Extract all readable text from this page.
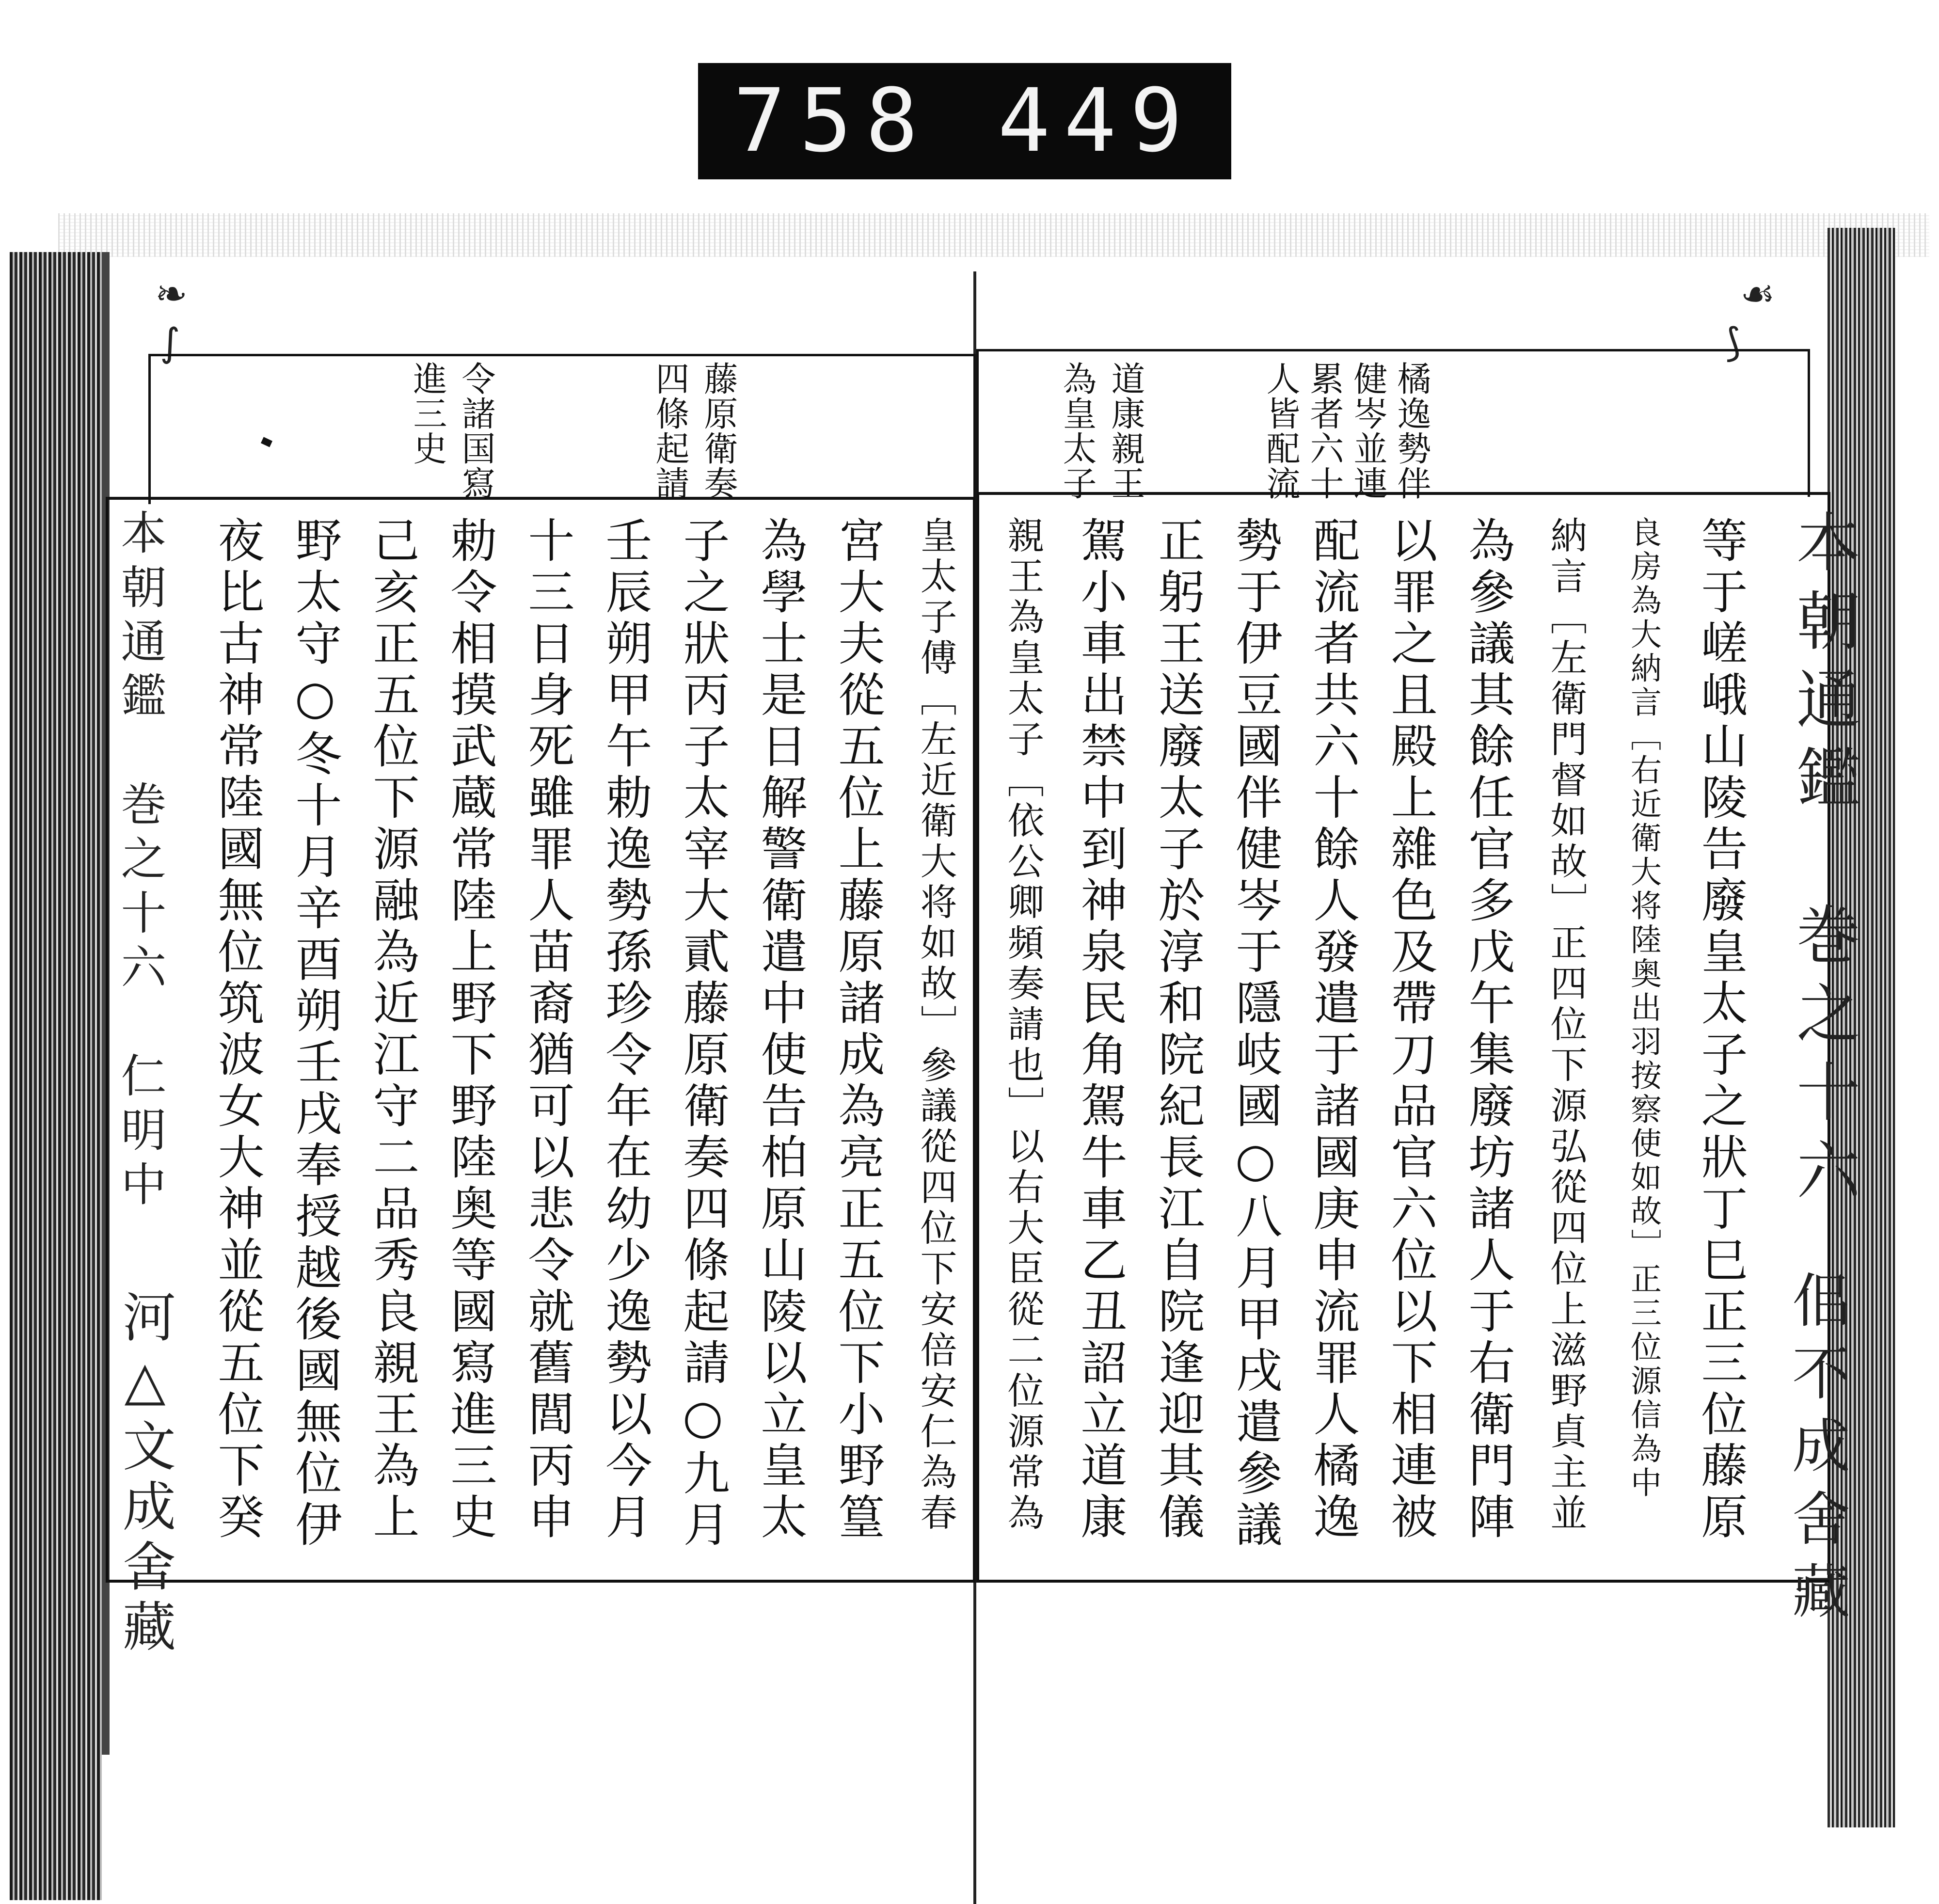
758 449
❧
∫
☙
⟆
橘逸勢伴
健岑並連
累者六十
人皆配流
道康親王
為皇太子
藤原衛奏
四條起請
令諸国寫
進三史
本朝通鑑　巻之十六
佀不成舍藏
本朝通鑑　巻之十六　仁明中
河△文成舍藏	等于嵯峨山陵告廢皇太子之狀丁巳正三位藤原
良房為大納言［右近衛大将陸奥出羽按察使如故］正三位源信為中
納言［左衛門督如故］正四位下源弘從四位上滋野貞主並
為參議其餘任官多戊午集廢坊諸人于右衛門陣
以罪之且殿上雜色及帶刀品官六位以下相連被
配流者共六十餘人發遣于諸國庚申流罪人橘逸
勢于伊豆國伴健岑于隱岐國○八月甲戌遣參議
正躬王送廢太子於淳和院紀長江自院逢迎其儀
駕小車出禁中到神泉民角駕牛車乙丑詔立道康
親王為皇太子［依公卿頻奏請也］以右大臣從二位源常為
皇太子傅［左近衛大将如故］參議從四位下安倍安仁為春
宮大夫從五位上藤原諸成為亮正五位下小野篁
為學士是日解警衛遣中使告柏原山陵以立皇太
子之狀丙子太宰大貳藤原衛奏四條起請○九月
壬辰朔甲午勅逸勢孫珍令年在幼少逸勢以今月
十三日身死雖罪人苗裔猶可以悲令就舊閭丙申
勅令相摸武蔵常陸上野下野陸奥等國寫進三史
己亥正五位下源融為近江守二品秀良親王為上
野太守○冬十月辛酉朔壬戌奉授越後國無位伊
夜比古神常陸國無位筑波女大神並從五位下癸
